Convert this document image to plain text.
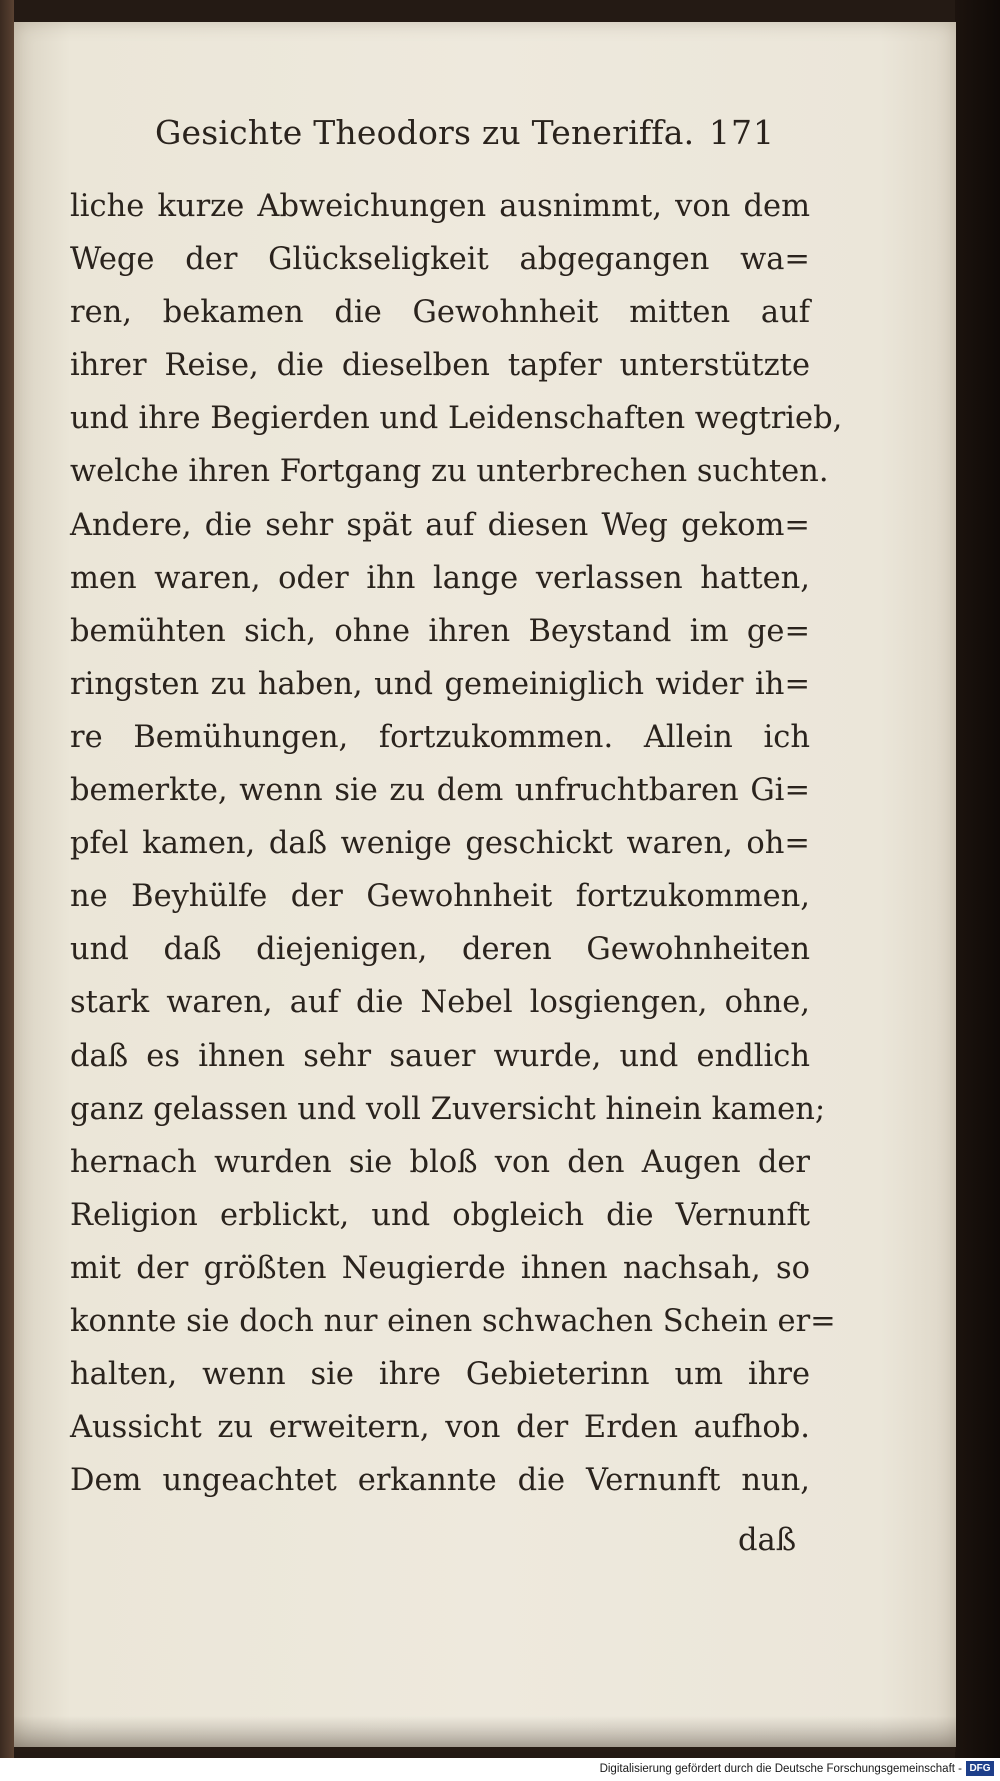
Gesichte Theodors zu Teneriffa. 171
liche kurze Abweichungen ausnimmt, von dem
Wege der Glückseligkeit abgegangen wa=
ren, bekamen die Gewohnheit mitten auf
ihrer Reise, die dieselben tapfer unterstützte
und ihre Begierden und Leidenschaften wegtrieb,
welche ihren Fortgang zu unterbrechen suchten.
Andere, die sehr spät auf diesen Weg gekom=
men waren, oder ihn lange verlassen hatten,
bemühten sich, ohne ihren Beystand im ge=
ringsten zu haben, und gemeiniglich wider ih=
re Bemühungen, fortzukommen. Allein ich
bemerkte, wenn sie zu dem unfruchtbaren Gi=
pfel kamen, daß wenige geschickt waren, oh=
ne Beyhülfe der Gewohnheit fortzukommen,
und daß diejenigen, deren Gewohnheiten
stark waren, auf die Nebel losgiengen, ohne,
daß es ihnen sehr sauer wurde, und endlich
ganz gelassen und voll Zuversicht hinein kamen;
hernach wurden sie bloß von den Augen der
Religion erblickt, und obgleich die Vernunft
mit der größten Neugierde ihnen nachsah, so
konnte sie doch nur einen schwachen Schein er=
halten, wenn sie ihre Gebieterinn um ihre
Aussicht zu erweitern, von der Erden aufhob.
Dem ungeachtet erkannte die Vernunft nun,
daß
Digitalisierung gefördert durch die Deutsche Forschungsgemeinschaft - DFG
